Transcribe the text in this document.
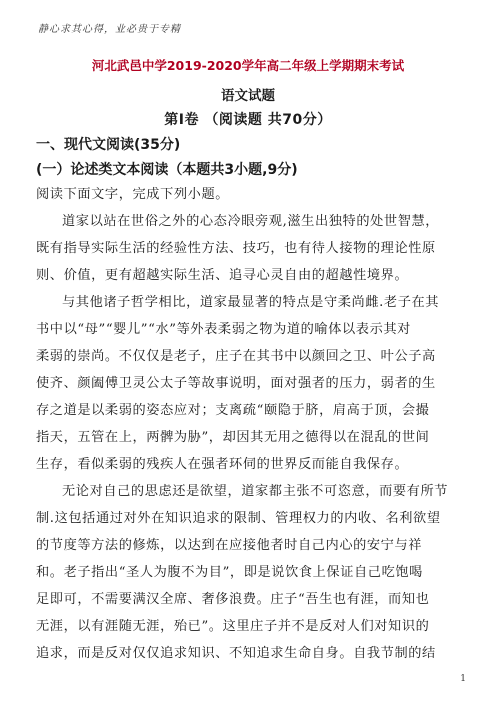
静心求其心得，业必贵于专精
河北武邑中学2019-2020学年高二年级上学期期末考试
语文试题
第Ⅰ卷 （阅读题 共70分）
一、现代文阅读(35分)
(一）论述类文本阅读（本题共3小题,9分)
阅读下面文字，完成下列小题。
道家以站在世俗之外的心态冷眼旁观,滋生出独特的处世智慧，
既有指导实际生活的经验性方法、技巧，也有待人接物的理论性原
则、价值，更有超越实际生活、追寻心灵自由的超越性境界。
与其他诸子哲学相比，道家最显著的特点是守柔尚雌.老子在其
书中以“母”“婴儿”“水”等外表柔弱之物为道的喻体以表示其对
柔弱的崇尚。不仅仅是老子，庄子在其书中以颜回之卫、叶公子高
使齐、颜阖傅卫灵公太子等故事说明，面对强者的压力，弱者的生
存之道是以柔弱的姿态应对；支离疏“颐隐于脐，肩高于顶，会撮
指天，五管在上，两髀为胁”，却因其无用之德得以在混乱的世间
生存，看似柔弱的残疾人在强者环伺的世界反而能自我保存。
无论对自己的思虑还是欲望，道家都主张不可恣意，而要有所节
制.这包括通过对外在知识追求的限制、管理权力的内收、名利欲望
的节度等方法的修炼，以达到在应接他者时自己内心的安宁与祥
和。老子指出“圣人为腹不为目”，即是说饮食上保证自己吃饱喝
足即可，不需要满汉全席、奢侈浪费。庄子“吾生也有涯，而知也
无涯，以有涯随无涯，殆已”。这里庄子并不是反对人们对知识的
追求，而是反对仅仅追求知识、不知追求生命自身。自我节制的结
1
